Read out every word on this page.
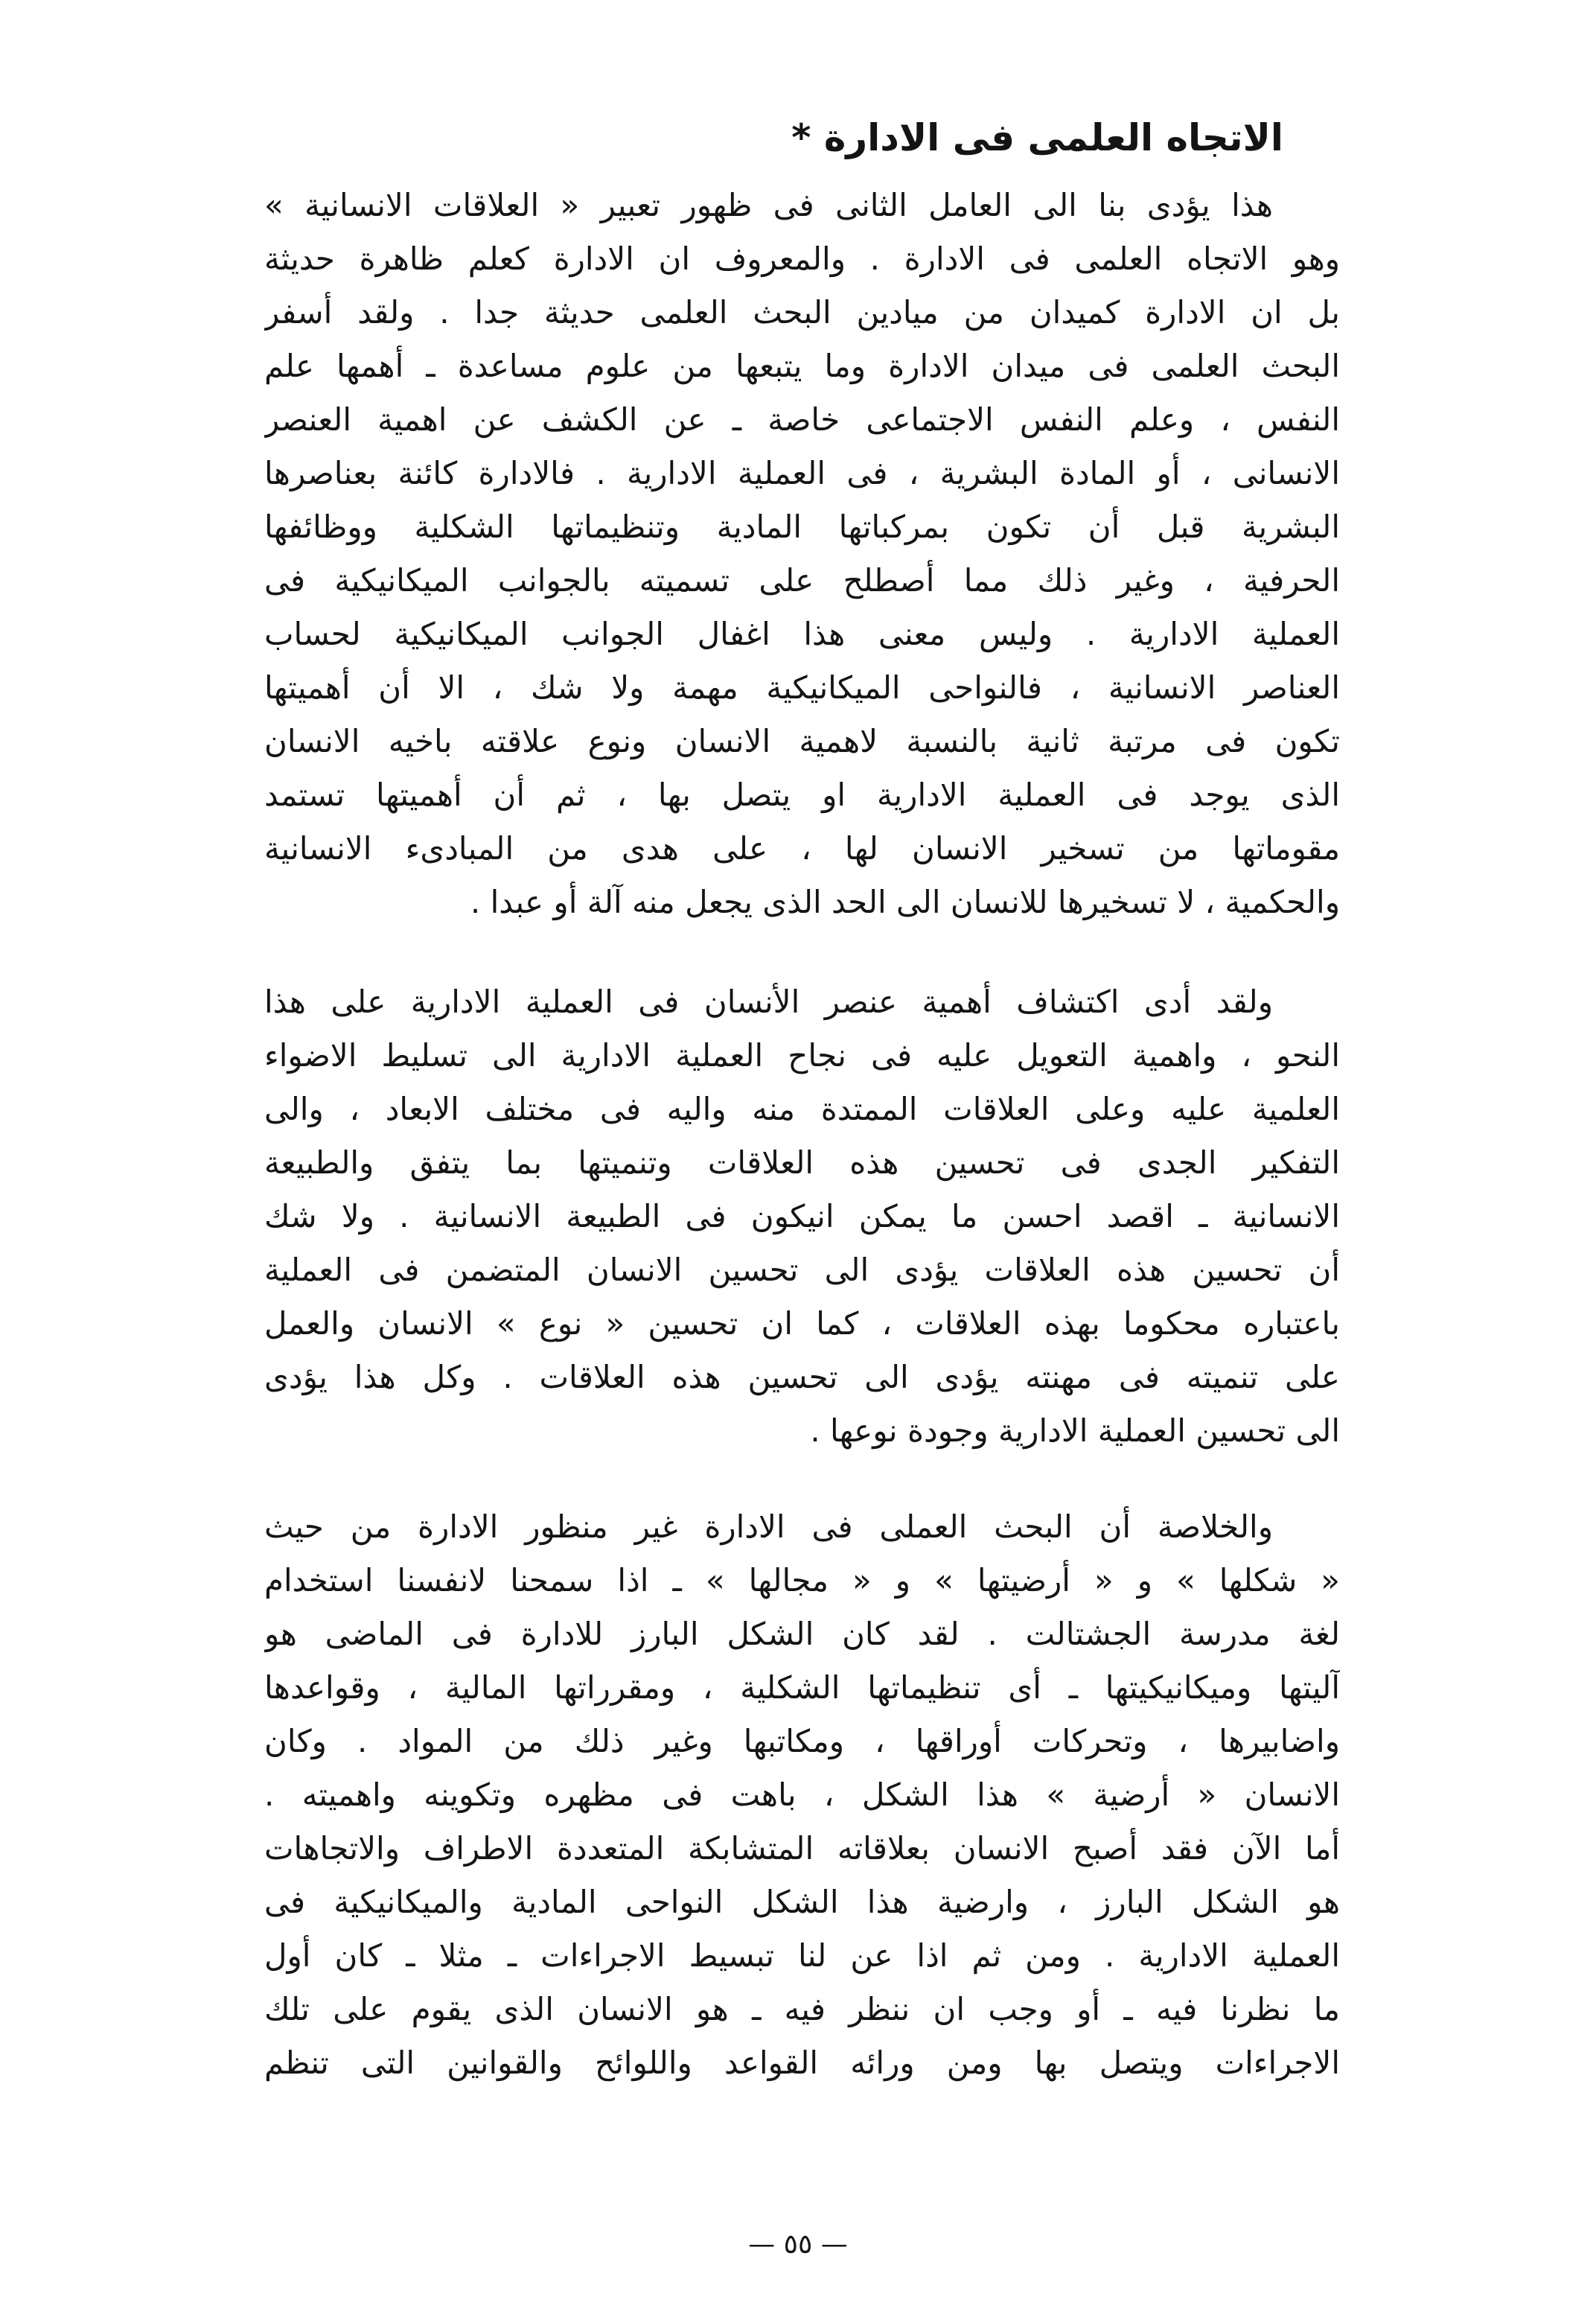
الاتجاه العلمى فى الادارة *
هذا يؤدى بنا الى العامل الثانى فى ظهور تعبير « العلاقات الانسانية »
وهو الاتجاه العلمى فى الادارة . والمعروف ان الادارة كعلم ظاهرة حديثة
بل ان الادارة كميدان من ميادين البحث العلمى حديثة جدا . ولقد أسفر
البحث العلمى فى ميدان الادارة وما يتبعها من علوم مساعدة ـ أهمها علم
النفس ، وعلم النفس الاجتماعى خاصة ـ عن الكشف عن اهمية العنصر
الانسانى ، أو المادة البشرية ، فى العملية الادارية . فالادارة كائنة بعناصرها
البشرية قبل أن تكون بمركباتها المادية وتنظيماتها الشكلية ووظائفها
الحرفية ، وغير ذلك مما أصطلح على تسميته بالجوانب الميكانيكية فى
العملية الادارية . وليس معنى هذا اغفال الجوانب الميكانيكية لحساب
العناصر الانسانية ، فالنواحى الميكانيكية مهمة ولا شك ، الا أن أهميتها
تكون فى مرتبة ثانية بالنسبة لاهمية الانسان ونوع علاقته باخيه الانسان
الذى يوجد فى العملية الادارية او يتصل بها ، ثم أن أهميتها تستمد
مقوماتها من تسخير الانسان لها ، على هدى من المبادىء الانسانية
والحكمية ، لا تسخيرها للانسان الى الحد الذى يجعل منه آلة أو عبدا .
ولقد أدى اكتشاف أهمية عنصر الأنسان فى العملية الادارية على هذا
النحو ، واهمية التعويل عليه فى نجاح العملية الادارية الى تسليط الاضواء
العلمية عليه وعلى العلاقات الممتدة منه واليه فى مختلف الابعاد ، والى
التفكير الجدى فى تحسين هذه العلاقات وتنميتها بما يتفق والطبيعة
الانسانية ـ اقصد احسن ما يمكن انيكون فى الطبيعة الانسانية . ولا شك
أن تحسين هذه العلاقات يؤدى الى تحسين الانسان المتضمن فى العملية
باعتباره محكوما بهذه العلاقات ، كما ان تحسين « نوع » الانسان والعمل
على تنميته فى مهنته يؤدى الى تحسين هذه العلاقات . وكل هذا يؤدى
الى تحسين العملية الادارية وجودة نوعها .
والخلاصة أن البحث العملى فى الادارة غير منظور الادارة من حيث
« شكلها » و « أرضيتها » و « مجالها » ـ اذا سمحنا لانفسنا استخدام
لغة مدرسة الجشتالت . لقد كان الشكل البارز للادارة فى الماضى هو
آليتها وميكانيكيتها ـ أى تنظيماتها الشكلية ، ومقرراتها المالية ، وقواعدها
واضابيرها ، وتحركات أوراقها ، ومكاتبها وغير ذلك من المواد . وكان
الانسان « أرضية » هذا الشكل ، باهت فى مظهره وتكوينه واهميته .
أما الآن فقد أصبح الانسان بعلاقاته المتشابكة المتعددة الاطراف والاتجاهات
هو الشكل البارز ، وارضية هذا الشكل النواحى المادية والميكانيكية فى
العملية الادارية . ومن ثم اذا عن لنا تبسيط الاجراءات ـ مثلا ـ كان أول
ما نظرنا فيه ـ أو وجب ان ننظر فيه ـ هو الانسان الذى يقوم على تلك
الاجراءات ويتصل بها ومن ورائه القواعد واللوائح والقوانين التى تنظم
— ٥٥ —
